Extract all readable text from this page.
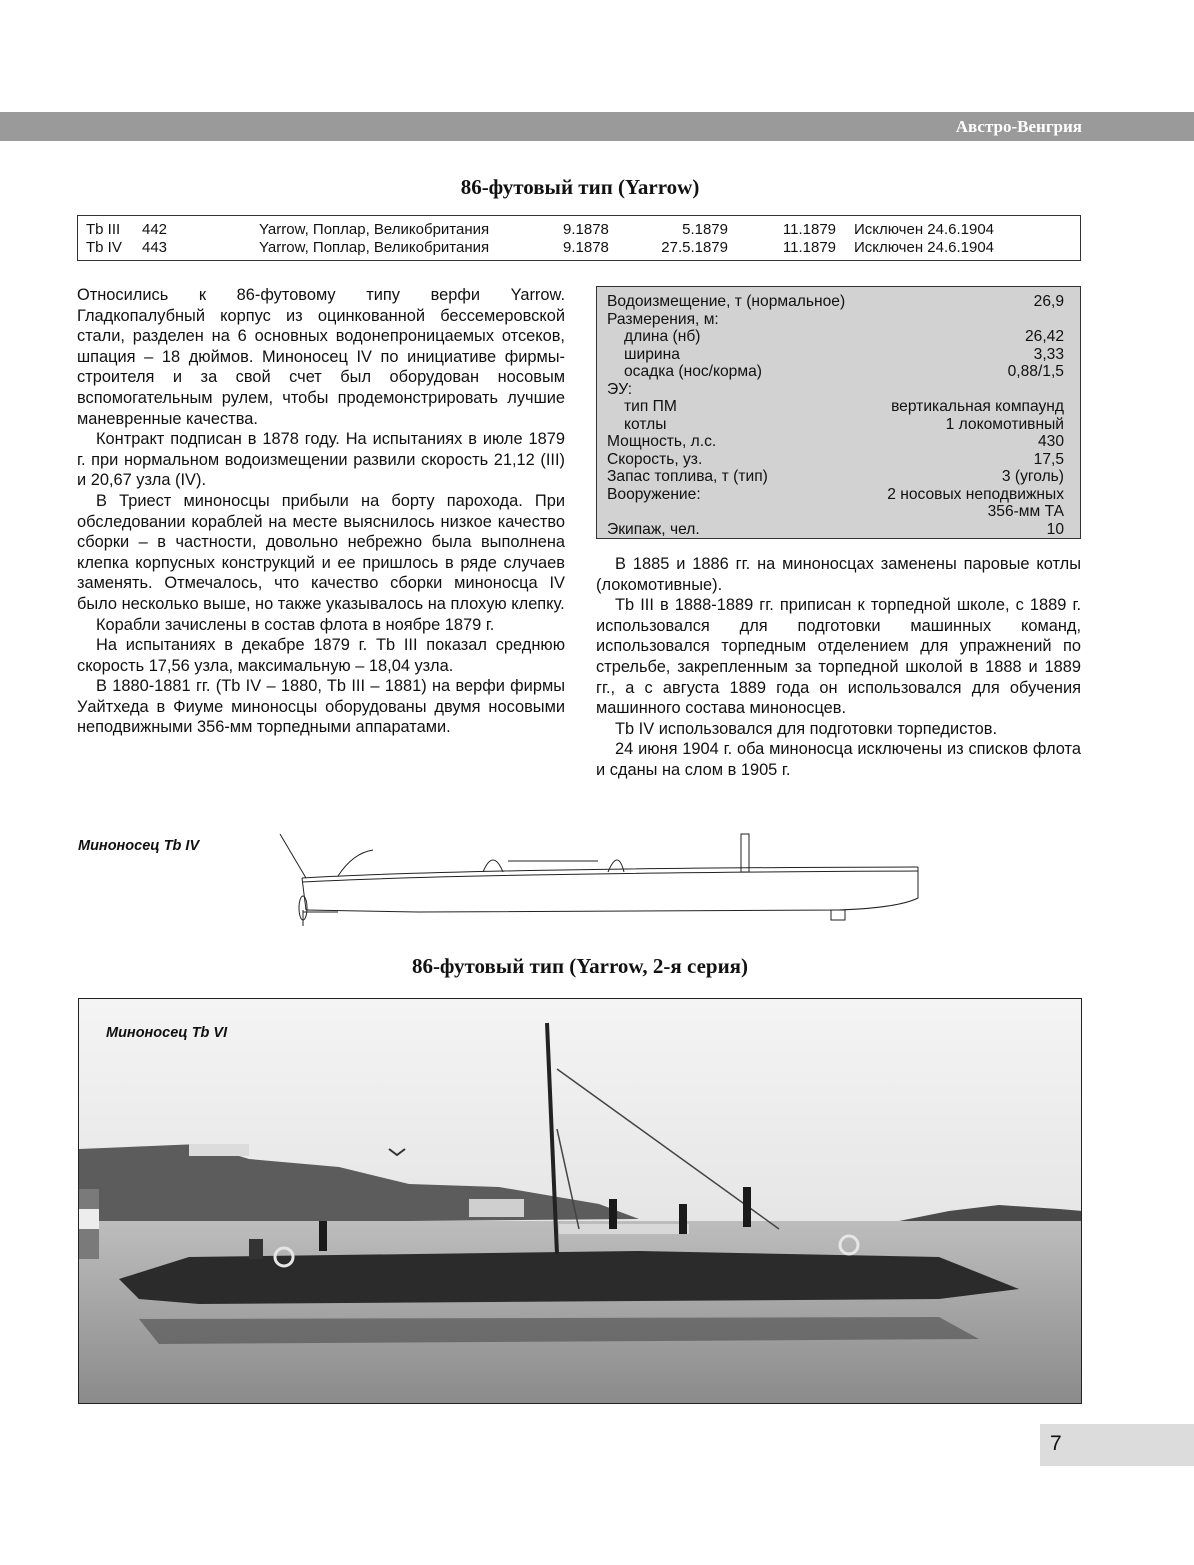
Австро-Венгрия
86-футовый тип (Yarrow)
Tb III 442	Yarrow, Поплар, Великобритания	9.1878	5.1879	11.1879 Исключен 24.6.1904
Tb IV 443	Yarrow, Поплар, Великобритания	9.1878	27.5.1879	11.1879 Исключен 24.6.1904

Относились к 86-футовому типу верфи Yarrow. Гладкопалубный корпус из оцинкованной бессемеровской стали, разделен на 6 основных водонепроницаемых отсеков, шпация – 18 дюймов. Миноносец IV по инициативе фирмы-строителя и за свой счет был оборудован носовым вспомогательным рулем, чтобы продемонстрировать лучшие маневренные качества.

Контракт подписан в 1878 году. На испытаниях в июле 1879 г. при нормальном водоизмещении развили скорость 21,12 (III) и 20,67 узла (IV).

В Триест миноносцы прибыли на борту парохода. При обследовании кораблей на месте выяснилось низкое качество сборки – в частности, довольно небрежно была выполнена клепка корпусных конструкций и ее пришлось в ряде случаев заменять. Отмечалось, что качество сборки миноносца IV было несколько выше, но также указывалось на плохую клепку.

Корабли зачислены в состав флота в ноябре 1879 г.

На испытаниях в декабре 1879 г. Tb III показал среднюю скорость 17,56 узла, максимальную – 18,04 узла.

В 1880-1881 гг. (Tb IV – 1880, Tb III – 1881) на верфи фирмы Уайтхеда в Фиуме миноносцы оборудованы двумя носовыми неподвижными 356-мм торпедными аппаратами.

Водоизмещение, т (нормальное)	26,9
Размерения, м:
длина (нб)	26,42
ширина	3,33
осадка (нос/корма)	0,88/1,5
ЭУ:
тип ПМ	вертикальная компаунд
котлы	1 локомотивный
Мощность, л.с.	430
Скорость, уз.	17,5
Запас топлива, т (тип)	3 (уголь)
Вооружение:	2 носовых неподвижных
356-мм ТА
Экипаж, чел.	10

В 1885 и 1886 гг. на миноносцах заменены паровые котлы (локомотивные).

Tb III в 1888-1889 гг. приписан к торпедной школе, с 1889 г. использовался для подготовки машинных команд, использовался торпедным отделением для упражнений по стрельбе, закрепленным за торпедной школой в 1888 и 1889 гг., а с августа 1889 года он использовался для обучения машинного состава миноносцев.

Tb IV использовался для подготовки торпедистов.

24 июня 1904 г. оба миноносца исключены из списков флота и сданы на слом в 1905 г.

Миноносец Tb IV
86-футовый тип (Yarrow, 2-я серия)
Миноносец Tb VI
7
